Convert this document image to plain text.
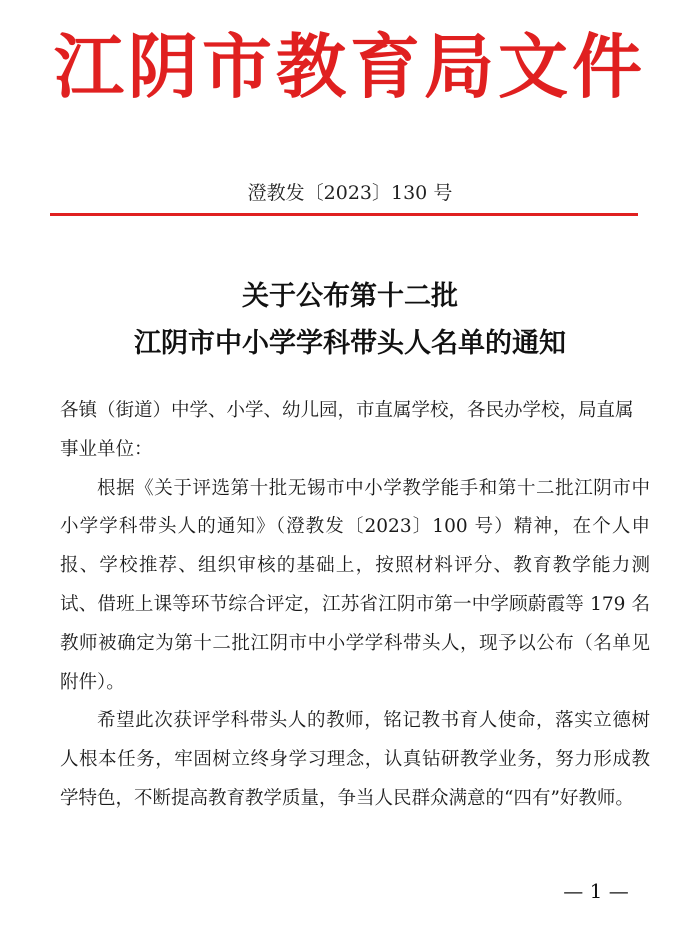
江阴市教育局文件
澄教发〔2023〕130 号
关于公布第十二批
江阴市中小学学科带头人名单的通知

各镇（街道）中学、小学、幼儿园，市直属学校，各民办学校，局直属事业单位：

根据《关于评选第十批无锡市中小学教学能手和第十二批江阴市中小学学科带头人的通知》（澄教发〔2023〕100 号）精神，在个人申报、学校推荐、组织审核的基础上，按照材料评分、教育教学能力测试、借班上课等环节综合评定，江苏省江阴市第一中学顾蔚霞等 179 名教师被确定为第十二批江阴市中小学学科带头人，现予以公布（名单见附件）。

希望此次获评学科带头人的教师，铭记教书育人使命，落实立德树人根本任务，牢固树立终身学习理念，认真钻研教学业务，努力形成教学特色，不断提高教育教学质量，争当人民群众满意的“四有”好教师。

— 1 —
